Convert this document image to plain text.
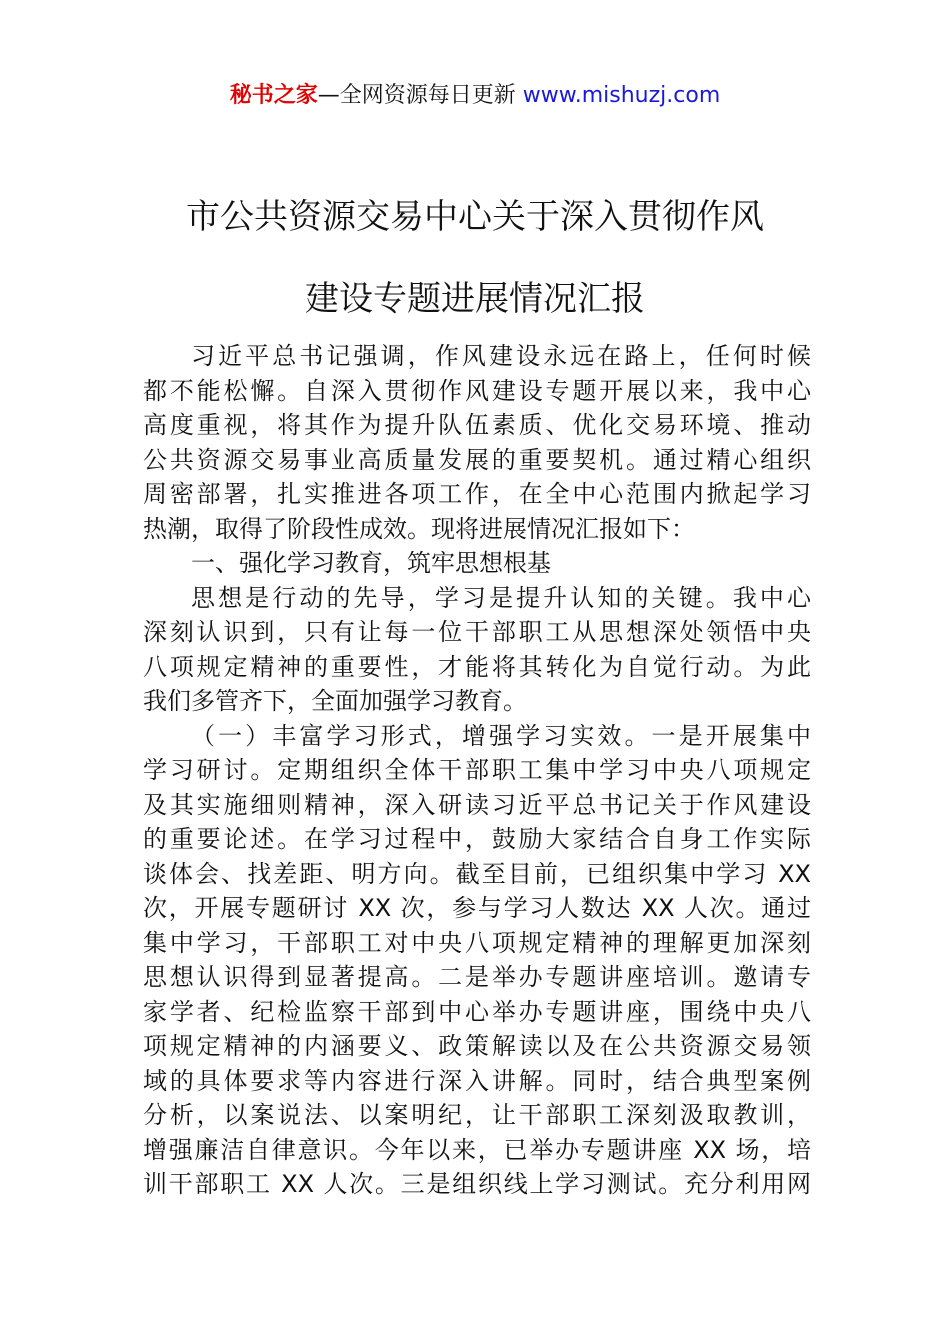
秘书之家—全网资源每日更新 www.mishuzj.com
市公共资源交易中心关于深入贯彻作风
建设专题进展情况汇报
习近平总书记强调，作风建设永远在路上，任何时候
都不能松懈。自深入贯彻作风建设专题开展以来，我中心
高度重视，将其作为提升队伍素质、优化交易环境、推动
公共资源交易事业高质量发展的重要契机。通过精心组织
周密部署，扎实推进各项工作，在全中心范围内掀起学习
热潮，取得了阶段性成效。现将进展情况汇报如下：
一、强化学习教育，筑牢思想根基
思想是行动的先导，学习是提升认知的关键。我中心
深刻认识到，只有让每一位干部职工从思想深处领悟中央
八项规定精神的重要性，才能将其转化为自觉行动。为此
我们多管齐下，全面加强学习教育。
（一）丰富学习形式，增强学习实效。一是开展集中
学习研讨。定期组织全体干部职工集中学习中央八项规定
及其实施细则精神，深入研读习近平总书记关于作风建设
的重要论述。在学习过程中，鼓励大家结合自身工作实际
谈体会、找差距、明方向。截至目前，已组织集中学习 XX
次，开展专题研讨 XX 次，参与学习人数达 XX 人次。通过
集中学习，干部职工对中央八项规定精神的理解更加深刻
思想认识得到显著提高。二是举办专题讲座培训。邀请专
家学者、纪检监察干部到中心举办专题讲座，围绕中央八
项规定精神的内涵要义、政策解读以及在公共资源交易领
域的具体要求等内容进行深入讲解。同时，结合典型案例
分析，以案说法、以案明纪，让干部职工深刻汲取教训，
增强廉洁自律意识。今年以来，已举办专题讲座 XX 场，培
训干部职工 XX 人次。三是组织线上学习测试。充分利用网
